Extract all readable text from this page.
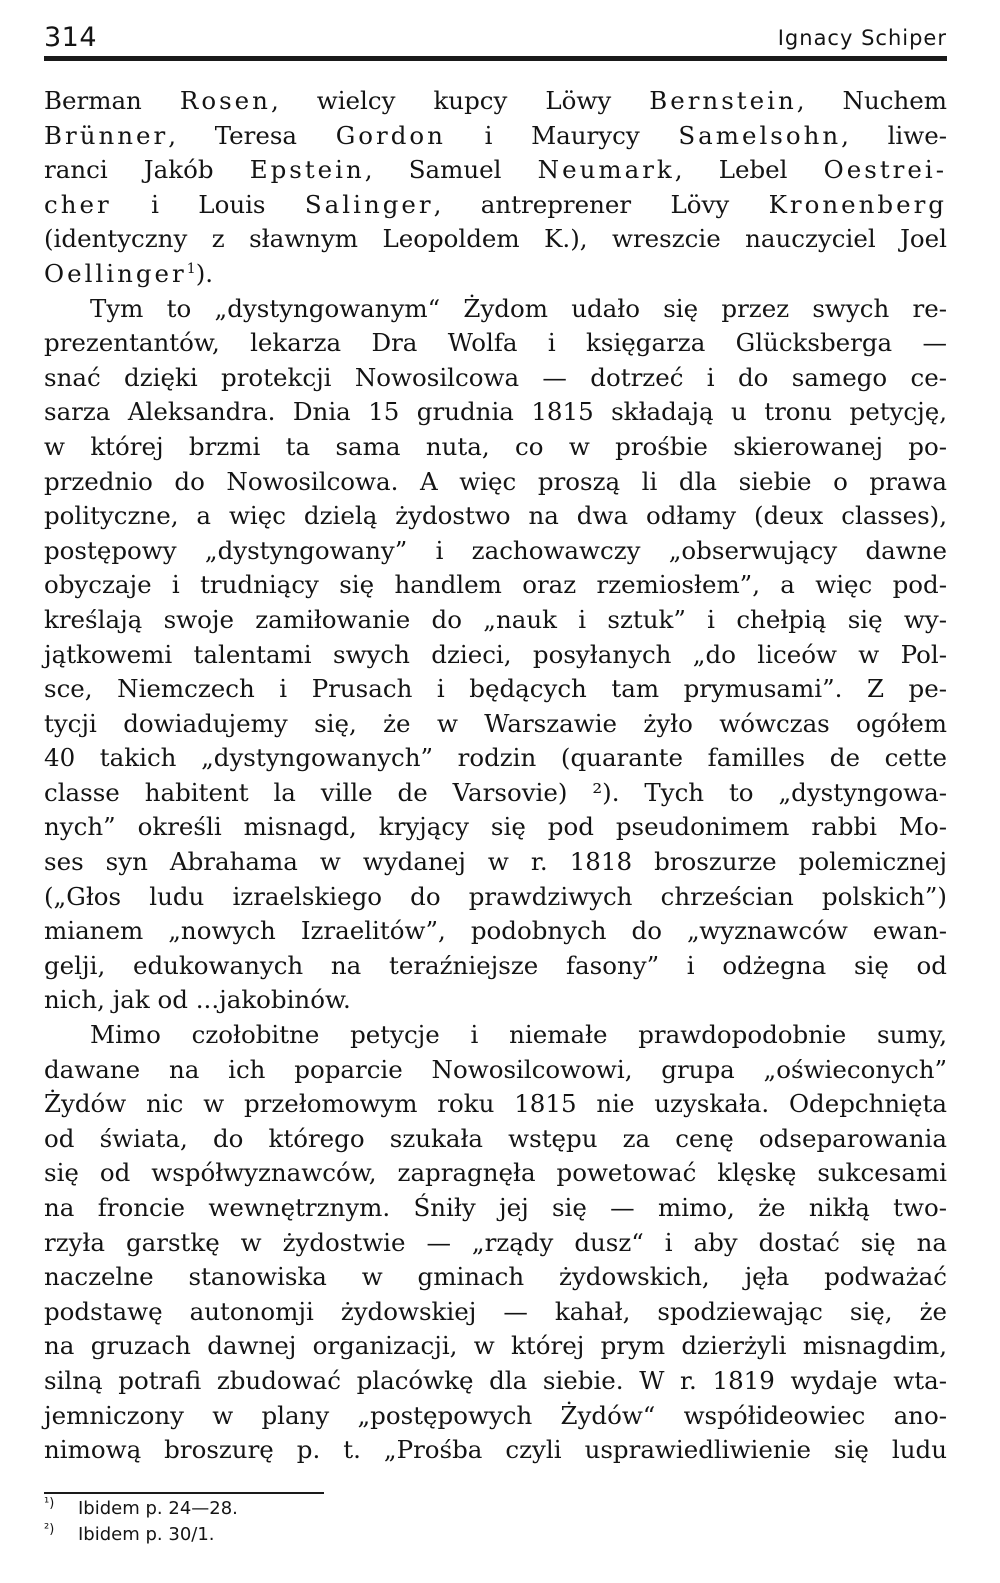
314	Ignacy Schiper
Berman Rosen, wielcy kupcy Löwy Bernstein, Nuchem
Brünner, Teresa Gordon i Maurycy Samelsohn, liwe-
ranci Jakób Epstein, Samuel Neumark, Lebel Oestrei-
cher i Louis Salinger, antreprener Lövy Kronenberg
(identyczny z sławnym Leopoldem K.), wreszcie nauczyciel Joel
Oellinger$^1$).
Tym to „dystyngowanym“ Żydom udało się przez swych re-
prezentantów, lekarza Dra Wolfa i księgarza Glücksberga —
snać dzięki protekcji Nowosilcowa — dotrzeć i do samego ce-
sarza Aleksandra. Dnia 15 grudnia 1815 składają u tronu petycję,
w której brzmi ta sama nuta, co w prośbie skierowanej po-
przednio do Nowosilcowa. A więc proszą li dla siebie o prawa
polityczne, a więc dzielą żydostwo na dwa odłamy (deux classes),
postępowy „dystyngowany” i zachowawczy „obserwujący dawne
obyczaje i trudniący się handlem oraz rzemiosłem”, a więc pod-
kreślają swoje zamiłowanie do „nauk i sztuk” i chełpią się wy-
jątkowemi talentami swych dzieci, posyłanych „do liceów w Pol-
sce, Niemczech i Prusach i będących tam prymusami”. Z pe-
tycji dowiadujemy się, że w Warszawie żyło wówczas ogółem
40 takich „dystyngowanych” rodzin (quarante familles de cette
classe habitent la ville de Varsovie) ²). Tych to „dystyngowa-
nych” określi misnagd, kryjący się pod pseudonimem rabbi Mo-
ses syn Abrahama w wydanej w r. 1818 broszurze polemicznej
(„Głos ludu izraelskiego do prawdziwych chrześcian polskich”)
mianem „nowych Izraelitów”, podobnych do „wyznawców ewan-
gelji, edukowanych na teraźniejsze fasony” i odżegna się od
nich, jak od ...jakobinów.
Mimo czołobitne petycje i niemałe prawdopodobnie sumy,
dawane na ich poparcie Nowosilcowowi, grupa „oświeconych”
Żydów nic w przełomowym roku 1815 nie uzyskała. Odepchnięta
od świata, do którego szukała wstępu za cenę odseparowania
się od współwyznawców, zapragnęła powetować klęskę sukcesami
na froncie wewnętrznym. Śniły jej się — mimo, że nikłą two-
rzyła garstkę w żydostwie — „rządy dusz“ i aby dostać się na
naczelne stanowiska w gminach żydowskich, jęła podważać
podstawę autonomji żydowskiej — kahał, spodziewając się, że
na gruzach dawnej organizacji, w której prym dzierżyli misnagdim,
silną potrafi zbudować placówkę dla siebie. W r. 1819 wydaje wta-
jemniczony w plany „postępowych Żydów“ współideowiec ano-
nimową broszurę p. t. „Prośba czyli usprawiedliwienie się ludu
¹) Ibidem p. 24—28.
²) Ibidem p. 30/1.
